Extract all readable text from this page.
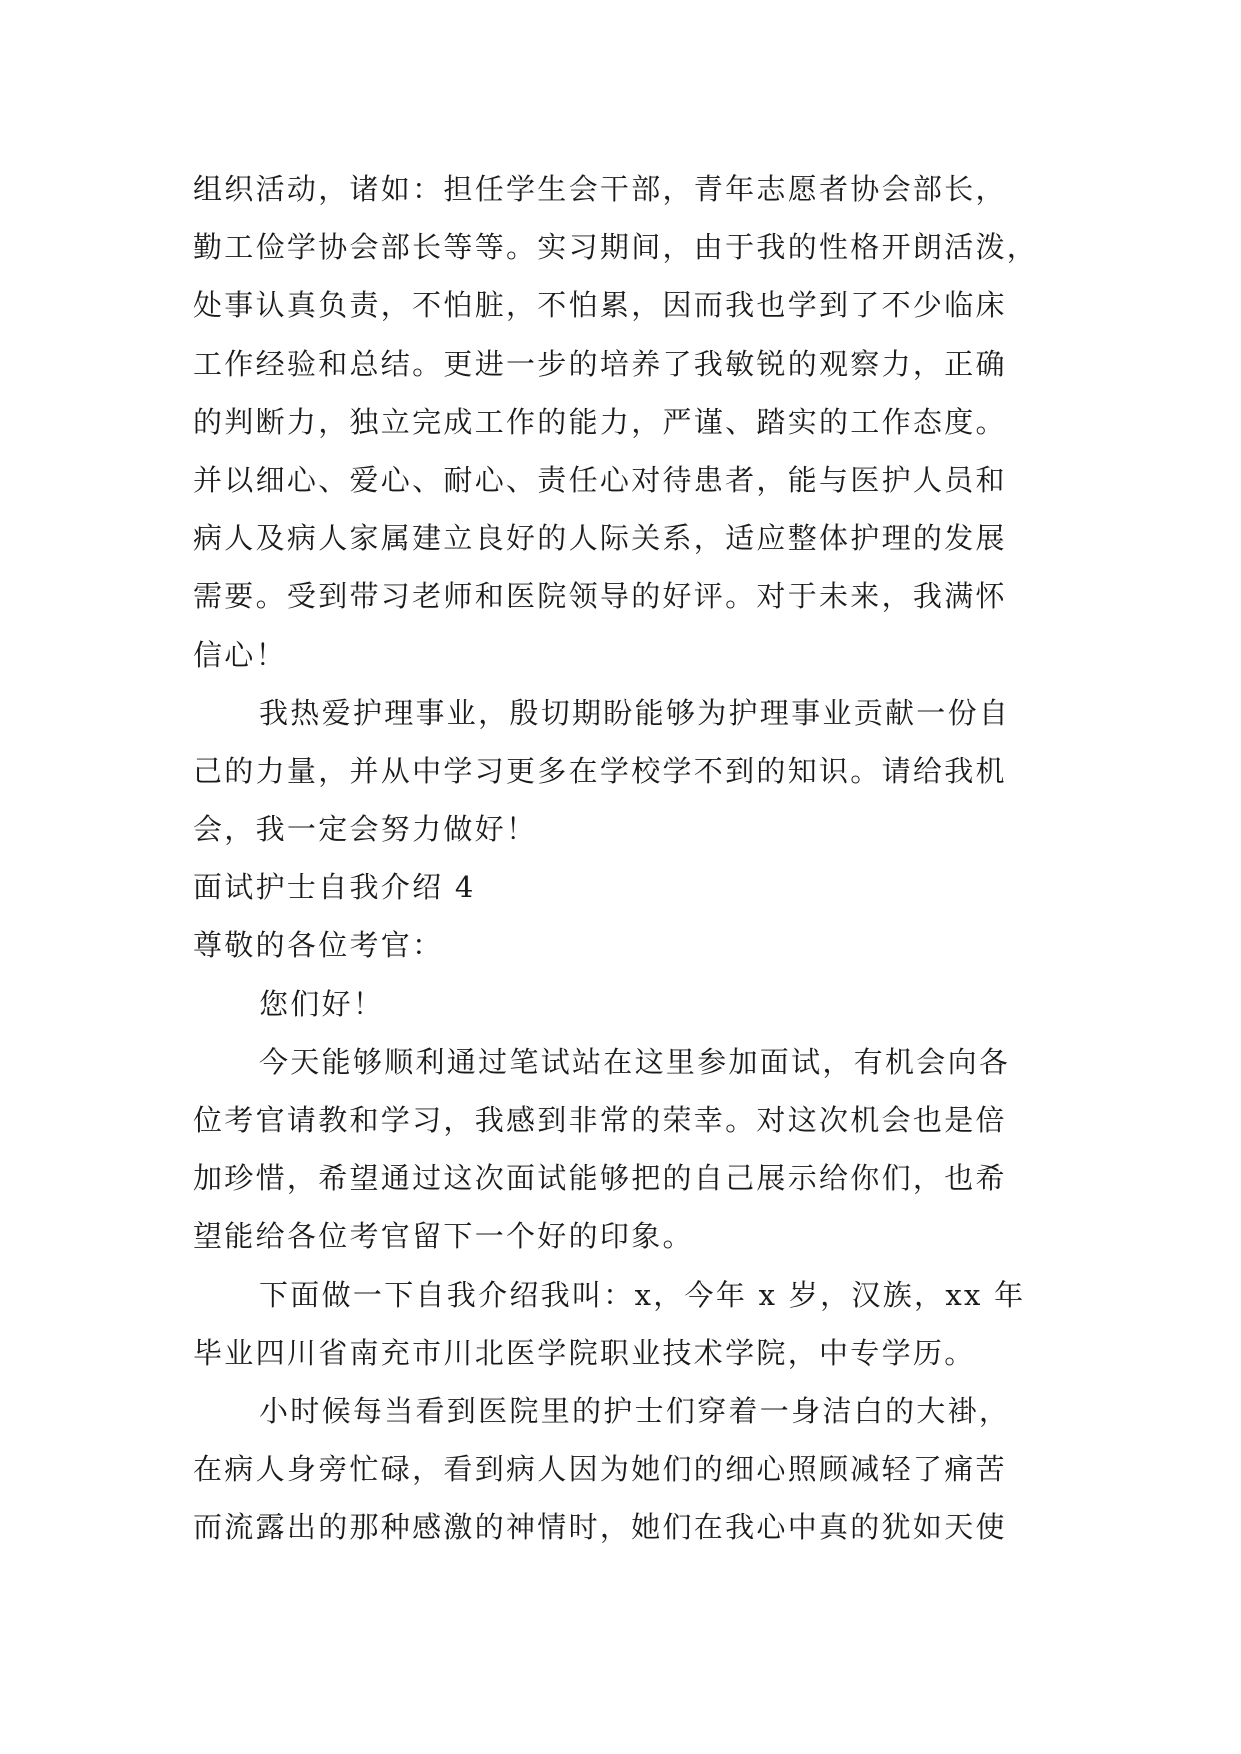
组织活动，诸如：担任学生会干部，青年志愿者协会部长，
勤工俭学协会部长等等。实习期间，由于我的性格开朗活泼，
处事认真负责，不怕脏，不怕累，因而我也学到了不少临床
工作经验和总结。更进一步的培养了我敏锐的观察力，正确
的判断力，独立完成工作的能力，严谨、踏实的工作态度。
并以细心、爱心、耐心、责任心对待患者，能与医护人员和
病人及病人家属建立良好的人际关系，适应整体护理的发展
需要。受到带习老师和医院领导的好评。对于未来，我满怀
信心！
我热爱护理事业，殷切期盼能够为护理事业贡献一份自
己的力量，并从中学习更多在学校学不到的知识。请给我机
会，我一定会努力做好！
面试护士自我介绍 4
尊敬的各位考官：
您们好！
今天能够顺利通过笔试站在这里参加面试，有机会向各
位考官请教和学习，我感到非常的荣幸。对这次机会也是倍
加珍惜，希望通过这次面试能够把的自己展示给你们，也希
望能给各位考官留下一个好的印象。
下面做一下自我介绍我叫：x，今年 x 岁，汉族，xx 年
毕业四川省南充市川北医学院职业技术学院，中专学历。
小时候每当看到医院里的护士们穿着一身洁白的大褂，
在病人身旁忙碌，看到病人因为她们的细心照顾减轻了痛苦
而流露出的那种感激的神情时，她们在我心中真的犹如天使
